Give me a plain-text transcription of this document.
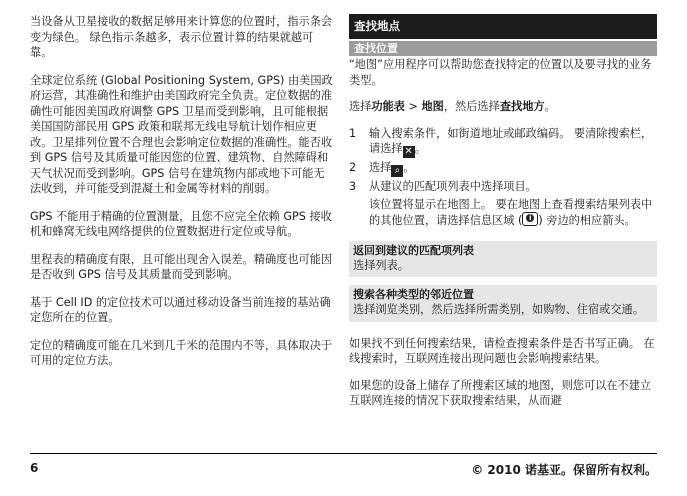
当设备从卫星接收的数据足够用来计算您的位置时，指示条会变为绿色。 绿色指示条越多，表示位置计算的结果就越可靠。

全球定位系统 (Global Positioning System, GPS) 由美国政府运营，其准确性和维护由美国政府完全负责。定位数据的准确性可能因美国政府调整 GPS 卫星而受到影响，且可能根据美国国防部民用 GPS 政策和联邦无线电导航计划作相应更改。卫星排列位置不合理也会影响定位数据的准确性。能否收到 GPS 信号及其质量可能因您的位置、建筑物、自然障碍和天气状况而受到影响。GPS 信号在建筑物内部或地下可能无法收到，并可能受到混凝土和金属等材料的削弱。

GPS 不能用于精确的位置测量，且您不应完全依赖 GPS 接收机和蜂窝无线电网络提供的位置数据进行定位或导航。

里程表的精确度有限，且可能出现舍入误差。精确度也可能因是否收到 GPS 信号及其质量而受到影响。

基于 Cell ID 的定位技术可以通过移动设备当前连接的基站确定您所在的位置。

定位的精确度可能在几米到几千米的范围内不等，具体取决于可用的定位方法。

查找地点
查找位置

“地图”应用程序可以帮助您查找特定的位置以及要寻找的业务类型。

选择功能表 > 地图，然后选择查找地方。

1	输入搜索条件，如街道地址或邮政编码。 要清除搜索栏，请选择 ✕ 。
2	选择 ⌕ 。
3	从建议的匹配项列表中选择项目。
该位置将显示在地图上。 要在地图上查看搜索结果列表中的其他位置，请选择信息区域 ( i ) 旁边的相应箭头。
返回到建议的匹配项列表
选择列表。
搜索各种类型的邻近位置
选择浏览类别，然后选择所需类别，如购物、住宿或交通。

如果找不到任何搜索结果，请检查搜索条件是否书写正确。 在线搜索时，互联网连接出现问题也会影响搜索结果。

如果您的设备上储存了所搜索区域的地图，则您可以在不建立互联网连接的情况下获取搜索结果，从而避

6	© 2010 诺基亚。保留所有权利。
